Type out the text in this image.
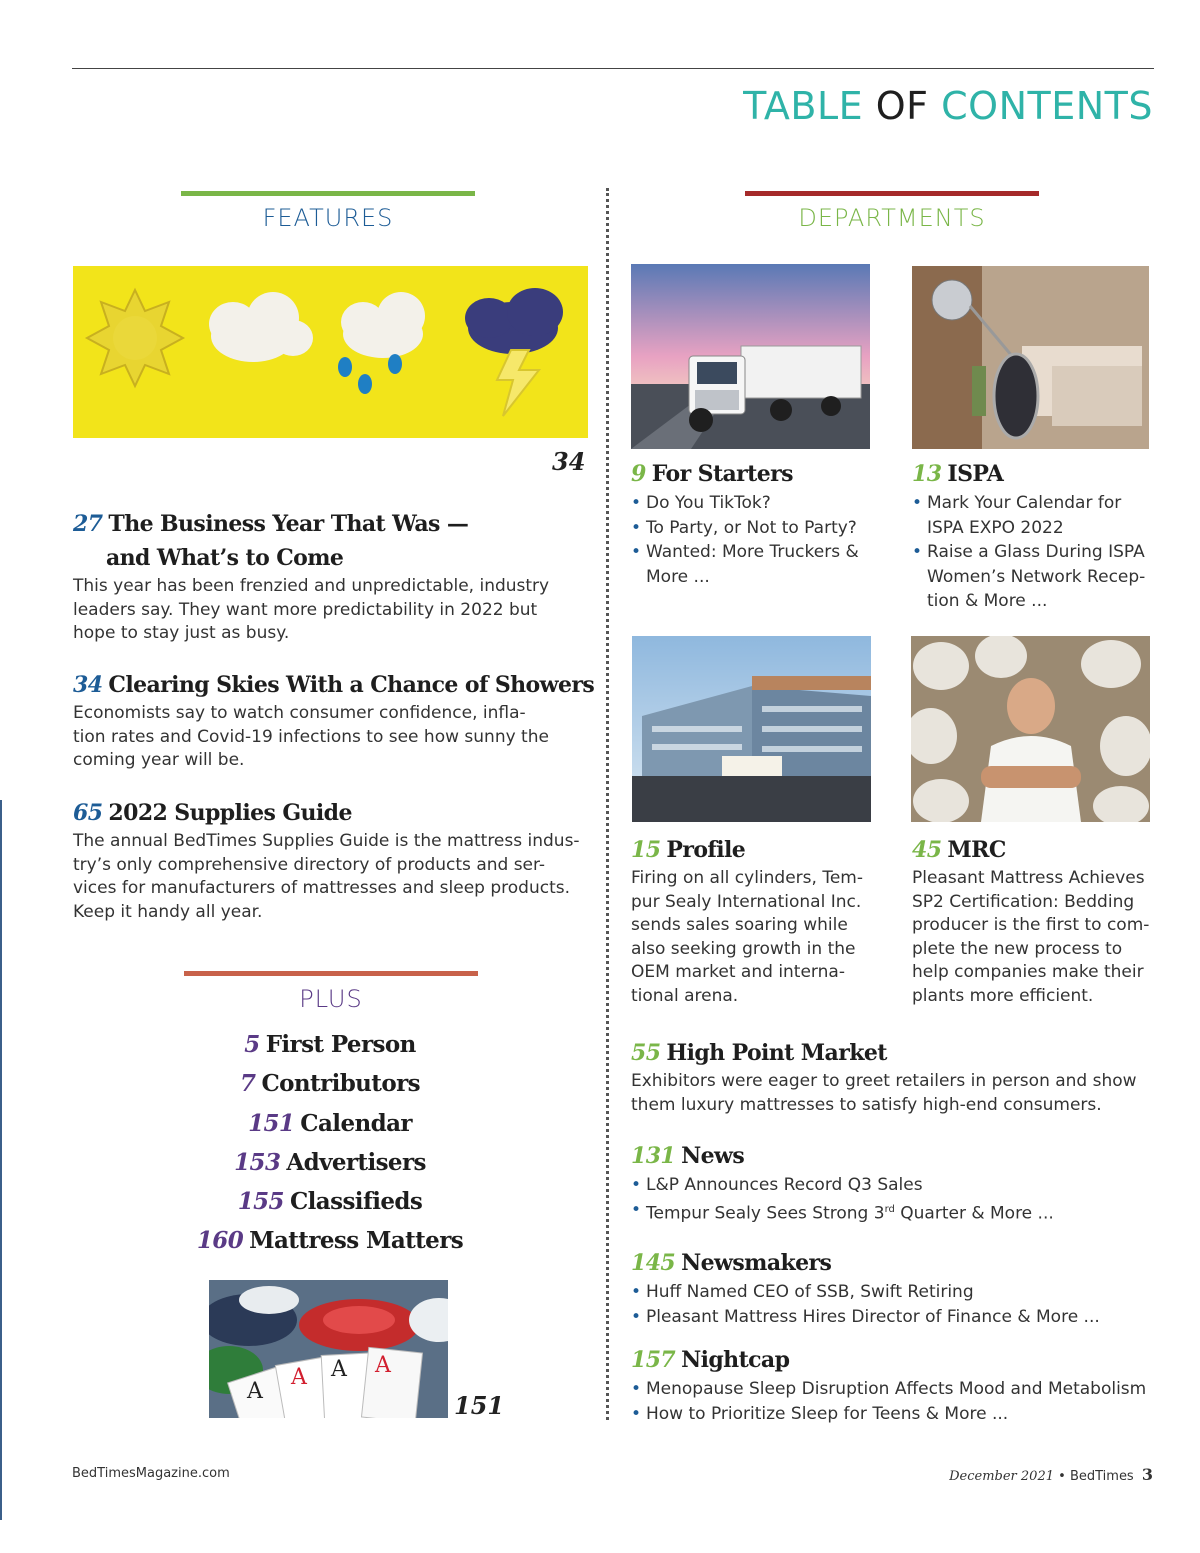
TABLE OF CONTENTS
FEATURES
34
27 The Business Year That Was —
and What’s to Come
This year has been frenzied and unpredictable, industry
leaders say. They want more predictability in 2022 but
hope to stay just as busy.
34 Clearing Skies With a Chance of Showers
Economists say to watch consumer confidence, infla-
tion rates and Covid-19 infections to see how sunny the
coming year will be.
65 2022 Supplies Guide
The annual BedTimes Supplies Guide is the mattress indus-
try’s only comprehensive directory of products and ser-
vices for manufacturers of mattresses and sleep products.
Keep it handy all year.
PLUS
5 First Person
7 Contributors
151 Calendar
153 Advertisers
155 Classifieds
160 Mattress Matters
A
A A A
151
DEPARTMENTS
9 For Starters
• Do You TikTok?
• To Party, or Not to Party?
• Wanted: More Truckers &
More ...
13 ISPA
• Mark Your Calendar for
ISPA EXPO 2022
• Raise a Glass During ISPA
Women’s Network Recep-
tion & More ...
15 Profile
Firing on all cylinders, Tem-
pur Sealy International Inc.
sends sales soaring while
also seeking growth in the
OEM market and interna-
tional arena.
45 MRC
Pleasant Mattress Achieves
SP2 Certification: Bedding
producer is the first to com-
plete the new process to
help companies make their
plants more efficient.
55 High Point Market
Exhibitors were eager to greet retailers in person and show
them luxury mattresses to satisfy high-end consumers.
131 News
• L&P Announces Record Q3 Sales
• Tempur Sealy Sees Strong 3rd Quarter & More ...
145 Newsmakers
• Huff Named CEO of SSB, Swift Retiring
• Pleasant Mattress Hires Director of Finance & More ...
157 Nightcap
• Menopause Sleep Disruption Affects Mood and Metabolism
• How to Prioritize Sleep for Teens & More ...
BedTimesMagazine.com	December 2021 • BedTimes 3
